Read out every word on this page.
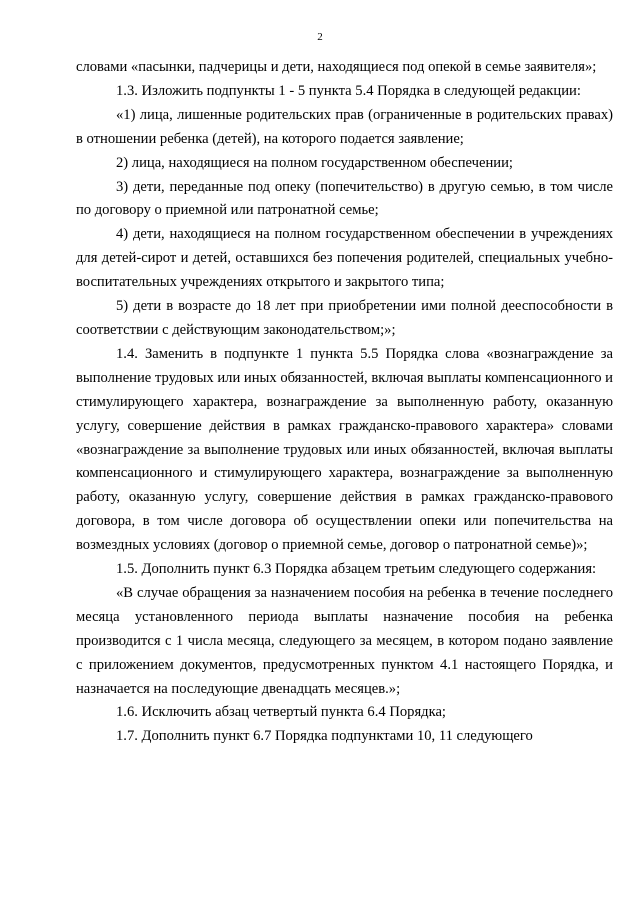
2

словами «пасынки, падчерицы и дети, находящиеся под опекой в семье заявителя»;

1.3. Изложить подпункты 1 - 5 пункта 5.4 Порядка в следующей редакции:

«1) лица, лишенные родительских прав (ограниченные в родительских правах) в отношении ребенка (детей), на которого подается заявление;

2) лица, находящиеся на полном государственном обеспечении;

3) дети, переданные под опеку (попечительство) в другую семью, в том числе по договору о приемной или патронатной семье;

4) дети, находящиеся на полном государственном обеспечении в учреждениях для детей-сирот и детей, оставшихся без попечения родителей, специальных учебно-воспитательных учреждениях открытого и закрытого типа;

5) дети в возрасте до 18 лет при приобретении ими полной дееспособности в соответствии с действующим законодательством;»;

1.4. Заменить в подпункте 1 пункта 5.5 Порядка слова «вознаграждение за выполнение трудовых или иных обязанностей, включая выплаты компенсационного и стимулирующего характера, вознаграждение за выполненную работу, оказанную услугу, совершение действия в рамках гражданско-правового характера» словами «вознаграждение за выполнение трудовых или иных обязанностей, включая выплаты компенсационного и стимулирующего характера, вознаграждение за выполненную работу, оказанную услугу, совершение действия в рамках гражданско-правового договора, в том числе договора об осуществлении опеки или попечительства на возмездных условиях (договор о приемной семье, договор о патронатной семье)»;

1.5. Дополнить пункт 6.3 Порядка абзацем третьим следующего содержания:

«В случае обращения за назначением пособия на ребенка в течение последнего месяца установленного периода выплаты назначение пособия на ребенка производится с 1 числа месяца, следующего за месяцем, в котором подано заявление с приложением документов, предусмотренных пунктом 4.1 настоящего Порядка, и назначается на последующие двенадцать месяцев.»;

1.6. Исключить абзац четвертый пункта 6.4 Порядка;

1.7. Дополнить пункт 6.7 Порядка подпунктами 10, 11 следующего
